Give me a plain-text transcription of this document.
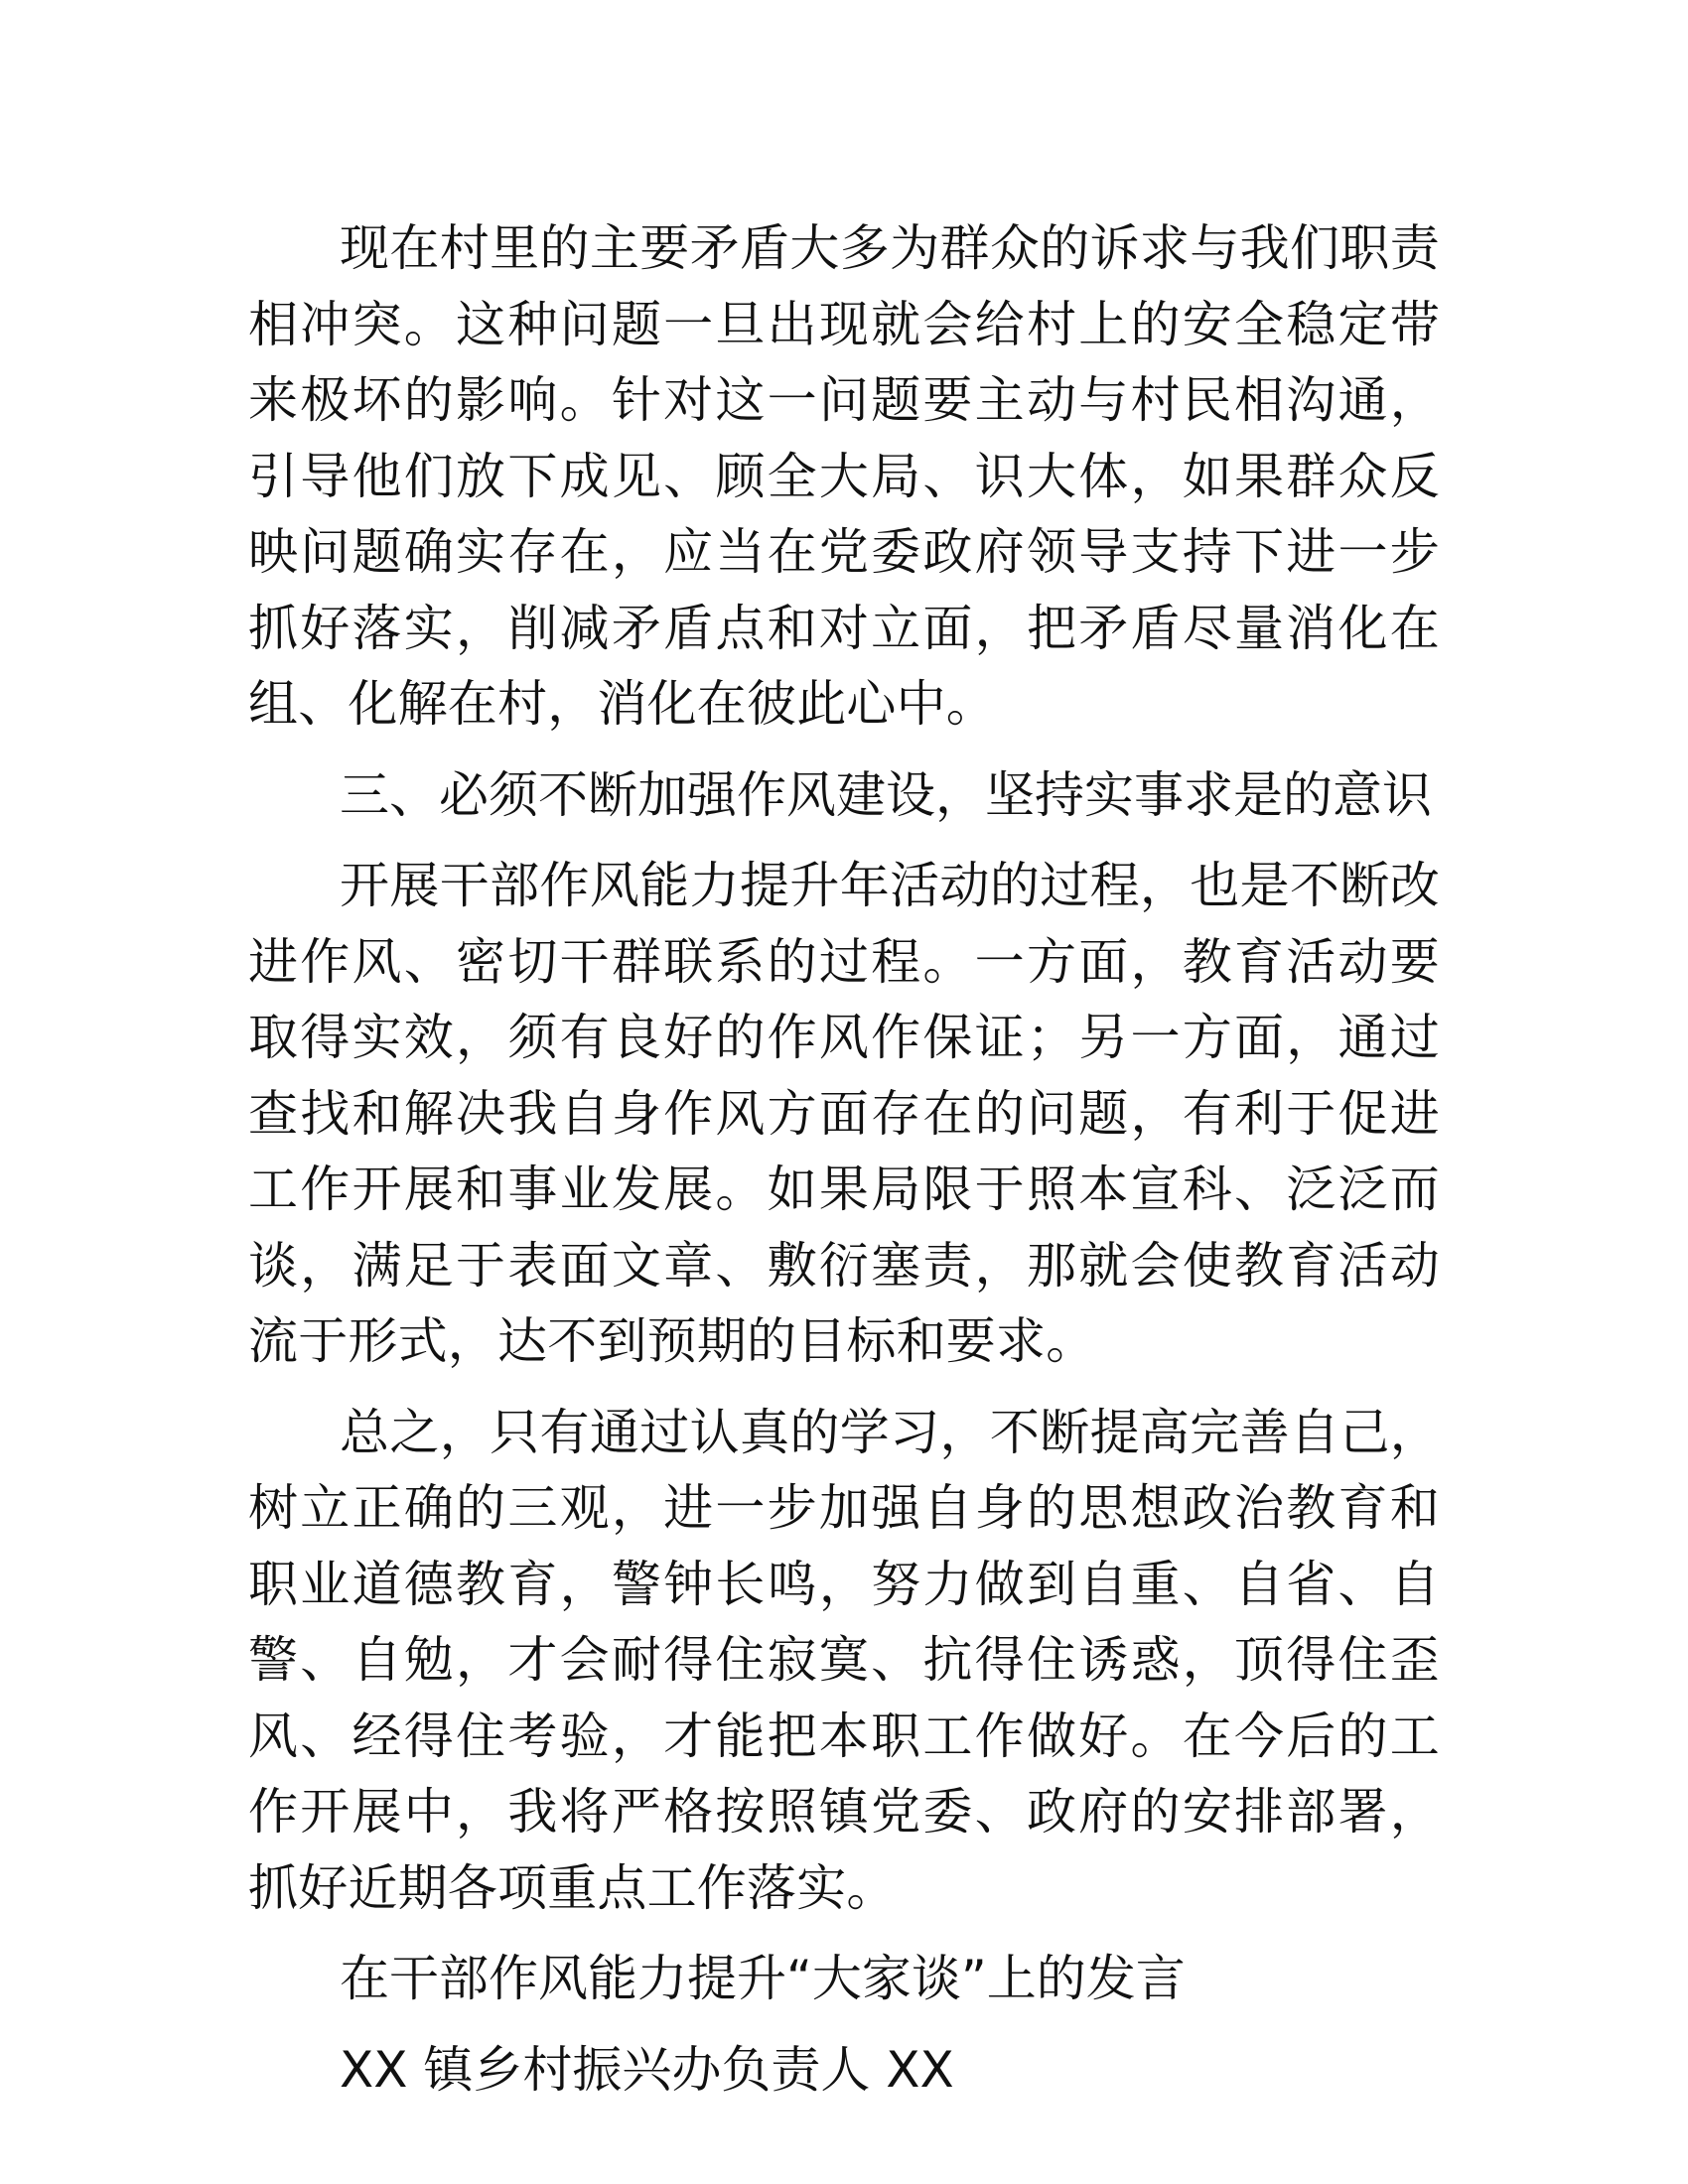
现在村里的主要矛盾大多为群众的诉求与我们职责相冲突。这种问题一旦出现就会给村上的安全稳定带来极坏的影响。针对这一问题要主动与村民相沟通，引导他们放下成见、顾全大局、识大体，如果群众反映问题确实存在，应当在党委政府领导支持下进一步抓好落实，削减矛盾点和对立面，把矛盾尽量消化在组、化解在村，消化在彼此心中。

三、必须不断加强作风建设，坚持实事求是的意识

开展干部作风能力提升年活动的过程，也是不断改进作风、密切干群联系的过程。一方面，教育活动要取得实效，须有良好的作风作保证；另一方面，通过查找和解决我自身作风方面存在的问题，有利于促进工作开展和事业发展。如果局限于照本宣科、泛泛而谈，满足于表面文章、敷衍塞责，那就会使教育活动流于形式，达不到预期的目标和要求。

总之，只有通过认真的学习，不断提高完善自己，树立正确的三观，进一步加强自身的思想政治教育和职业道德教育，警钟长鸣，努力做到自重、自省、自警、自勉，才会耐得住寂寞、抗得住诱惑，顶得住歪风、经得住考验，才能把本职工作做好。在今后的工作开展中，我将严格按照镇党委、政府的安排部署，抓好近期各项重点工作落实。

在干部作风能力提升“大家谈”上的发言

XX 镇乡村振兴办负责人 XX
